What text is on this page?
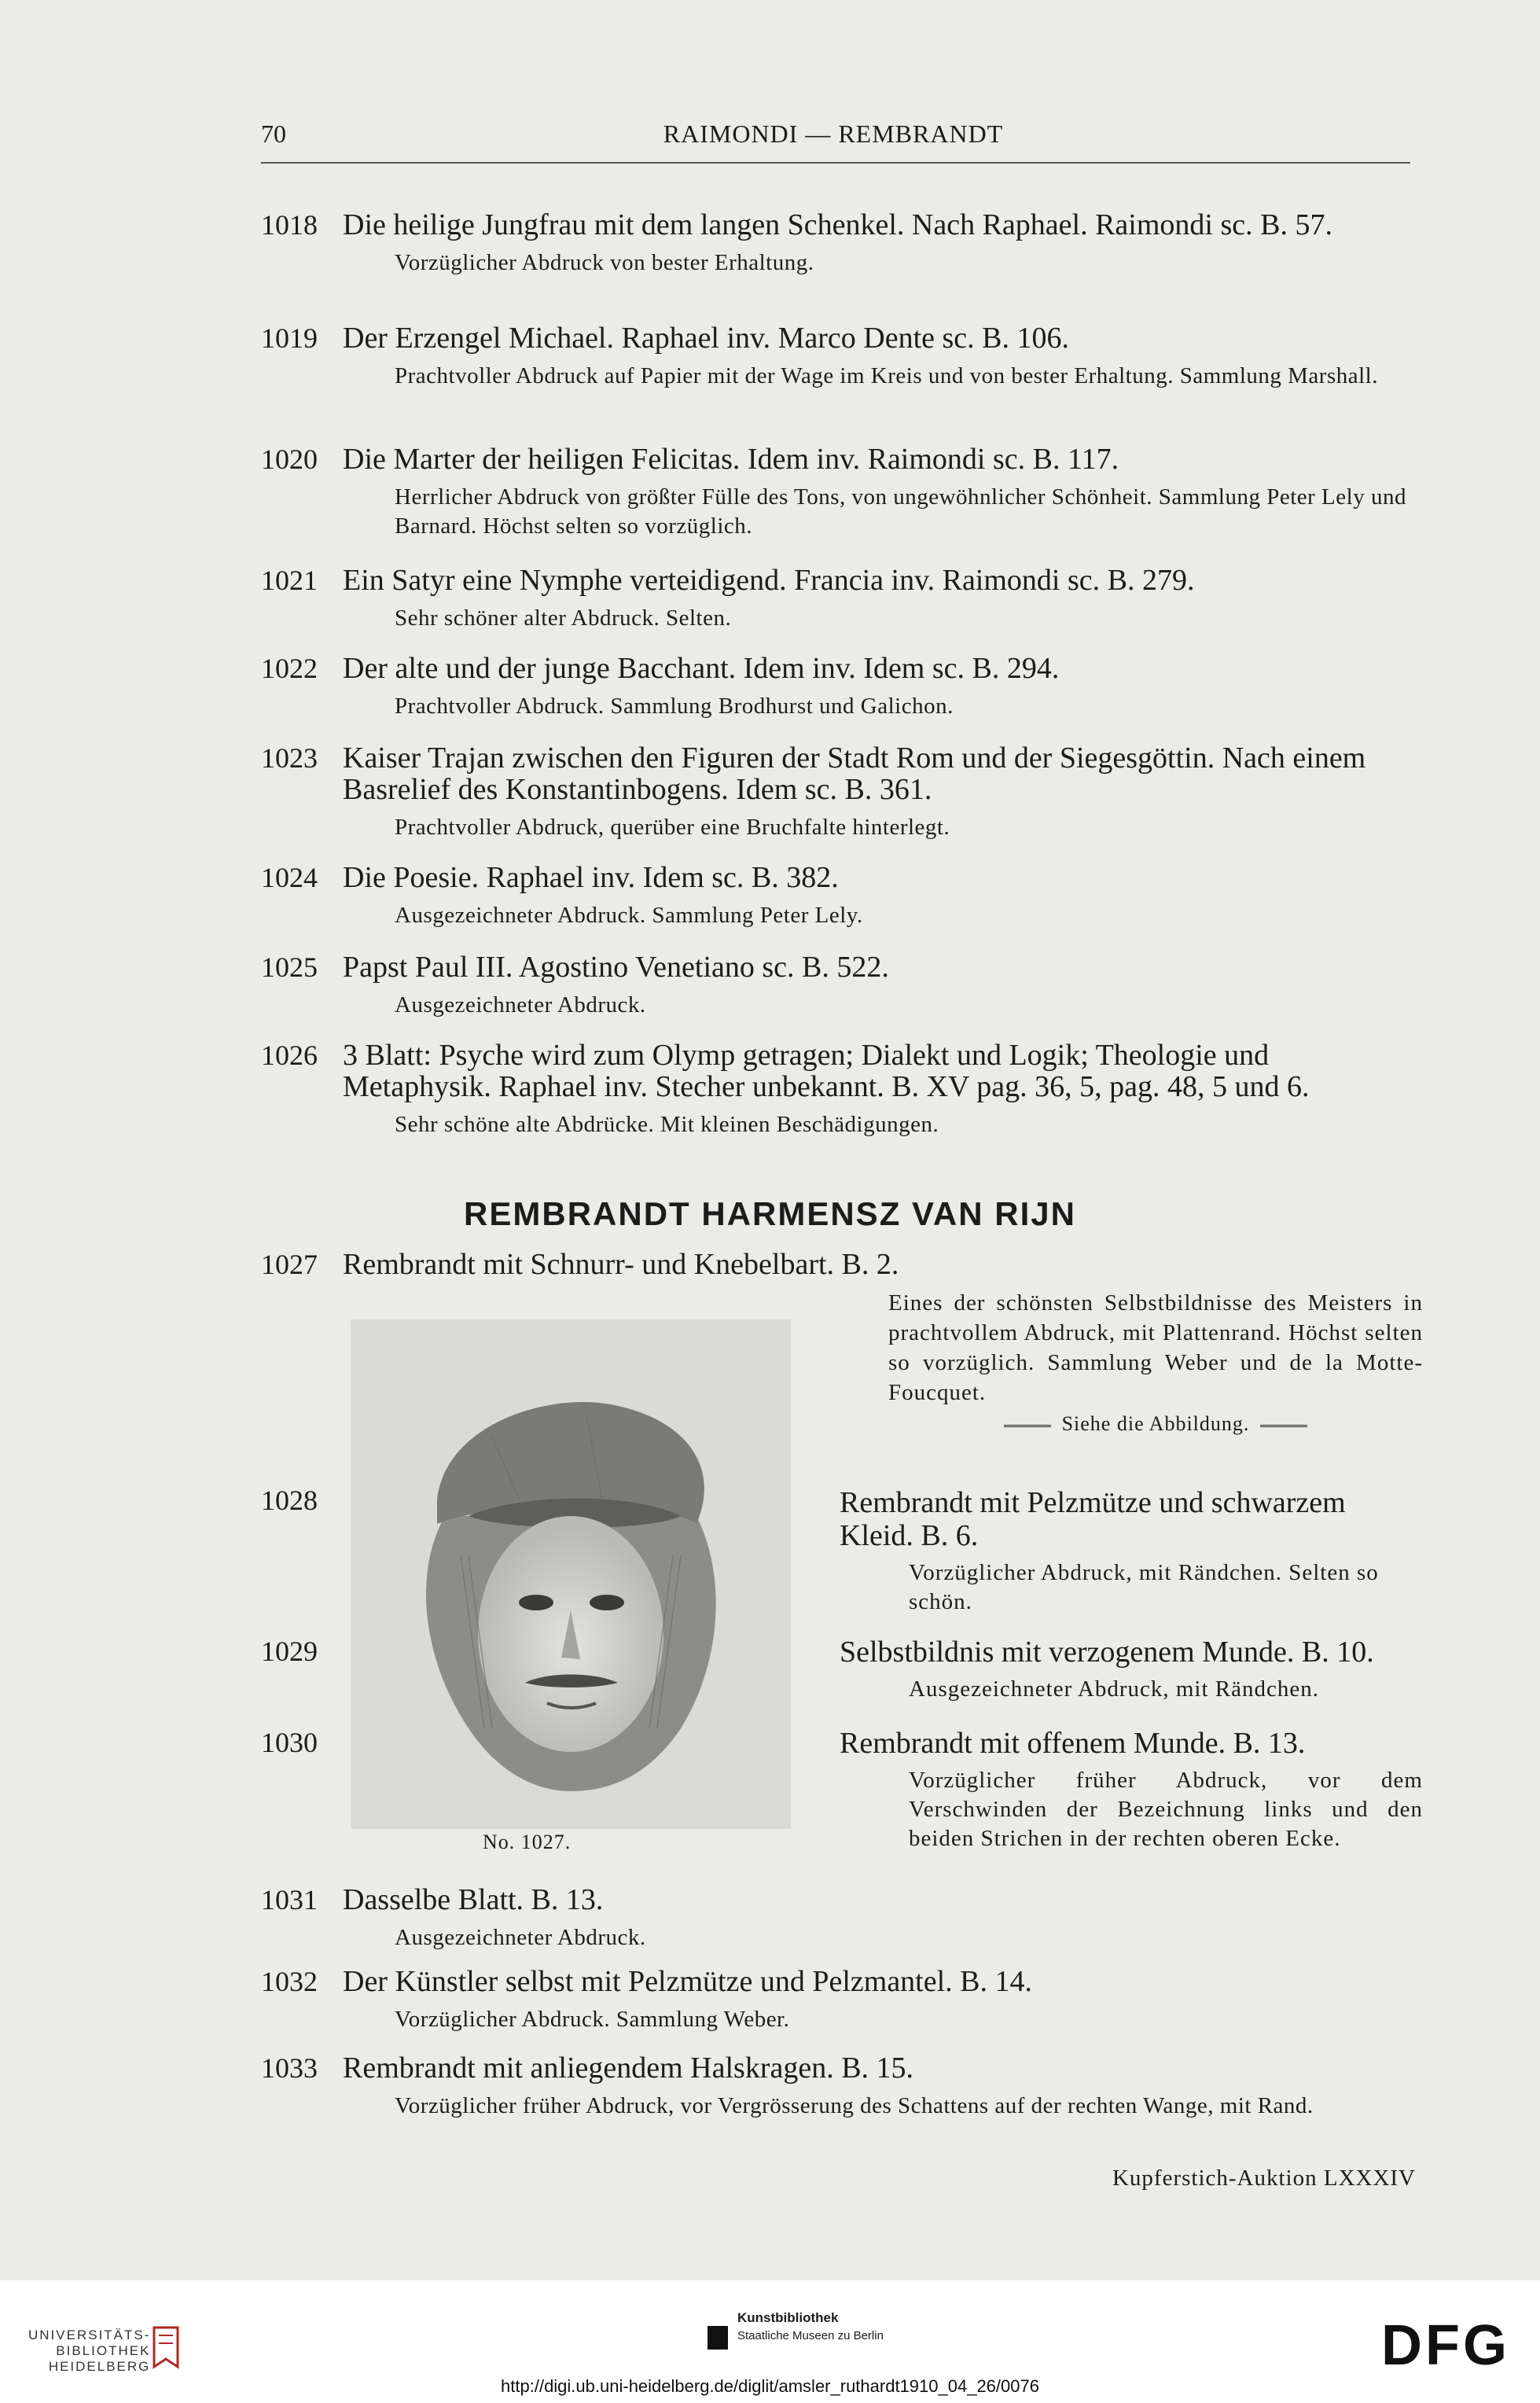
70	RAIMONDI — REMBRANDT
1018 Die heilige Jungfrau mit dem langen Schenkel. Nach Raphael. Raimondi sc. B. 57.
Vorzüglicher Abdruck von bester Erhaltung.
1019 Der Erzengel Michael. Raphael inv. Marco Dente sc. B. 106.
Prachtvoller Abdruck auf Papier mit der Wage im Kreis und von bester Erhaltung. Sammlung Marshall.
1020 Die Marter der heiligen Felicitas. Idem inv. Raimondi sc. B. 117.
Herrlicher Abdruck von größter Fülle des Tons, von ungewöhnlicher Schönheit. Sammlung Peter Lely und Barnard. Höchst selten so vorzüglich.
1021 Ein Satyr eine Nymphe verteidigend. Francia inv. Raimondi sc. B. 279.
Sehr schöner alter Abdruck. Selten.
1022 Der alte und der junge Bacchant. Idem inv. Idem sc. B. 294.
Prachtvoller Abdruck. Sammlung Brodhurst und Galichon.
1023 Kaiser Trajan zwischen den Figuren der Stadt Rom und der Siegesgöttin. Nach einem Basrelief des Konstantinbogens. Idem sc. B. 361.
Prachtvoller Abdruck, querüber eine Bruchfalte hinterlegt.
1024 Die Poesie. Raphael inv. Idem sc. B. 382.
Ausgezeichneter Abdruck. Sammlung Peter Lely.
1025 Papst Paul III. Agostino Venetiano sc. B. 522.
Ausgezeichneter Abdruck.
1026 3 Blatt: Psyche wird zum Olymp getragen; Dialekt und Logik; Theologie und Metaphysik. Raphael inv. Stecher unbekannt. B. XV pag. 36, 5, pag. 48, 5 und 6.
Sehr schöne alte Abdrücke. Mit kleinen Beschädigungen.
REMBRANDT HARMENSZ VAN RIJN
1027 Rembrandt mit Schnurr- und Knebelbart. B. 2.
No. 1027.
Eines der schönsten Selbstbildnisse des Meisters in prachtvollem Abdruck, mit Plattenrand. Höchst selten so vorzüglich. Sammlung Weber und de la Motte-Foucquet.
Siehe die Abbildung.
1028	Rembrandt mit Pelzmütze und schwarzem Kleid. B. 6.
Vorzüglicher Abdruck, mit Rändchen. Selten so schön.
1029	Selbstbildnis mit verzogenem Munde. B. 10.
Ausgezeichneter Abdruck, mit Rändchen.
1030	Rembrandt mit offenem Munde. B. 13.
Vorzüglicher früher Abdruck, vor dem Verschwinden der Bezeichnung links und den beiden Strichen in der rechten oberen Ecke.
1031 Dasselbe Blatt. B. 13.
Ausgezeichneter Abdruck.
1032 Der Künstler selbst mit Pelzmütze und Pelzmantel. B. 14.
Vorzüglicher Abdruck. Sammlung Weber.
1033 Rembrandt mit anliegendem Halskragen. B. 15.
Vorzüglicher früher Abdruck, vor Vergrösserung des Schattens auf der rechten Wange, mit Rand.
Kupferstich-Auktion LXXXIV
UNIVERSITÄTS-
BIBLIOTHEK
HEIDELBERG
Kunstbibliothek
Staatliche Museen zu Berlin	DFG
http://digi.ub.uni-heidelberg.de/diglit/amsler_ruthardt1910_04_26/0076
